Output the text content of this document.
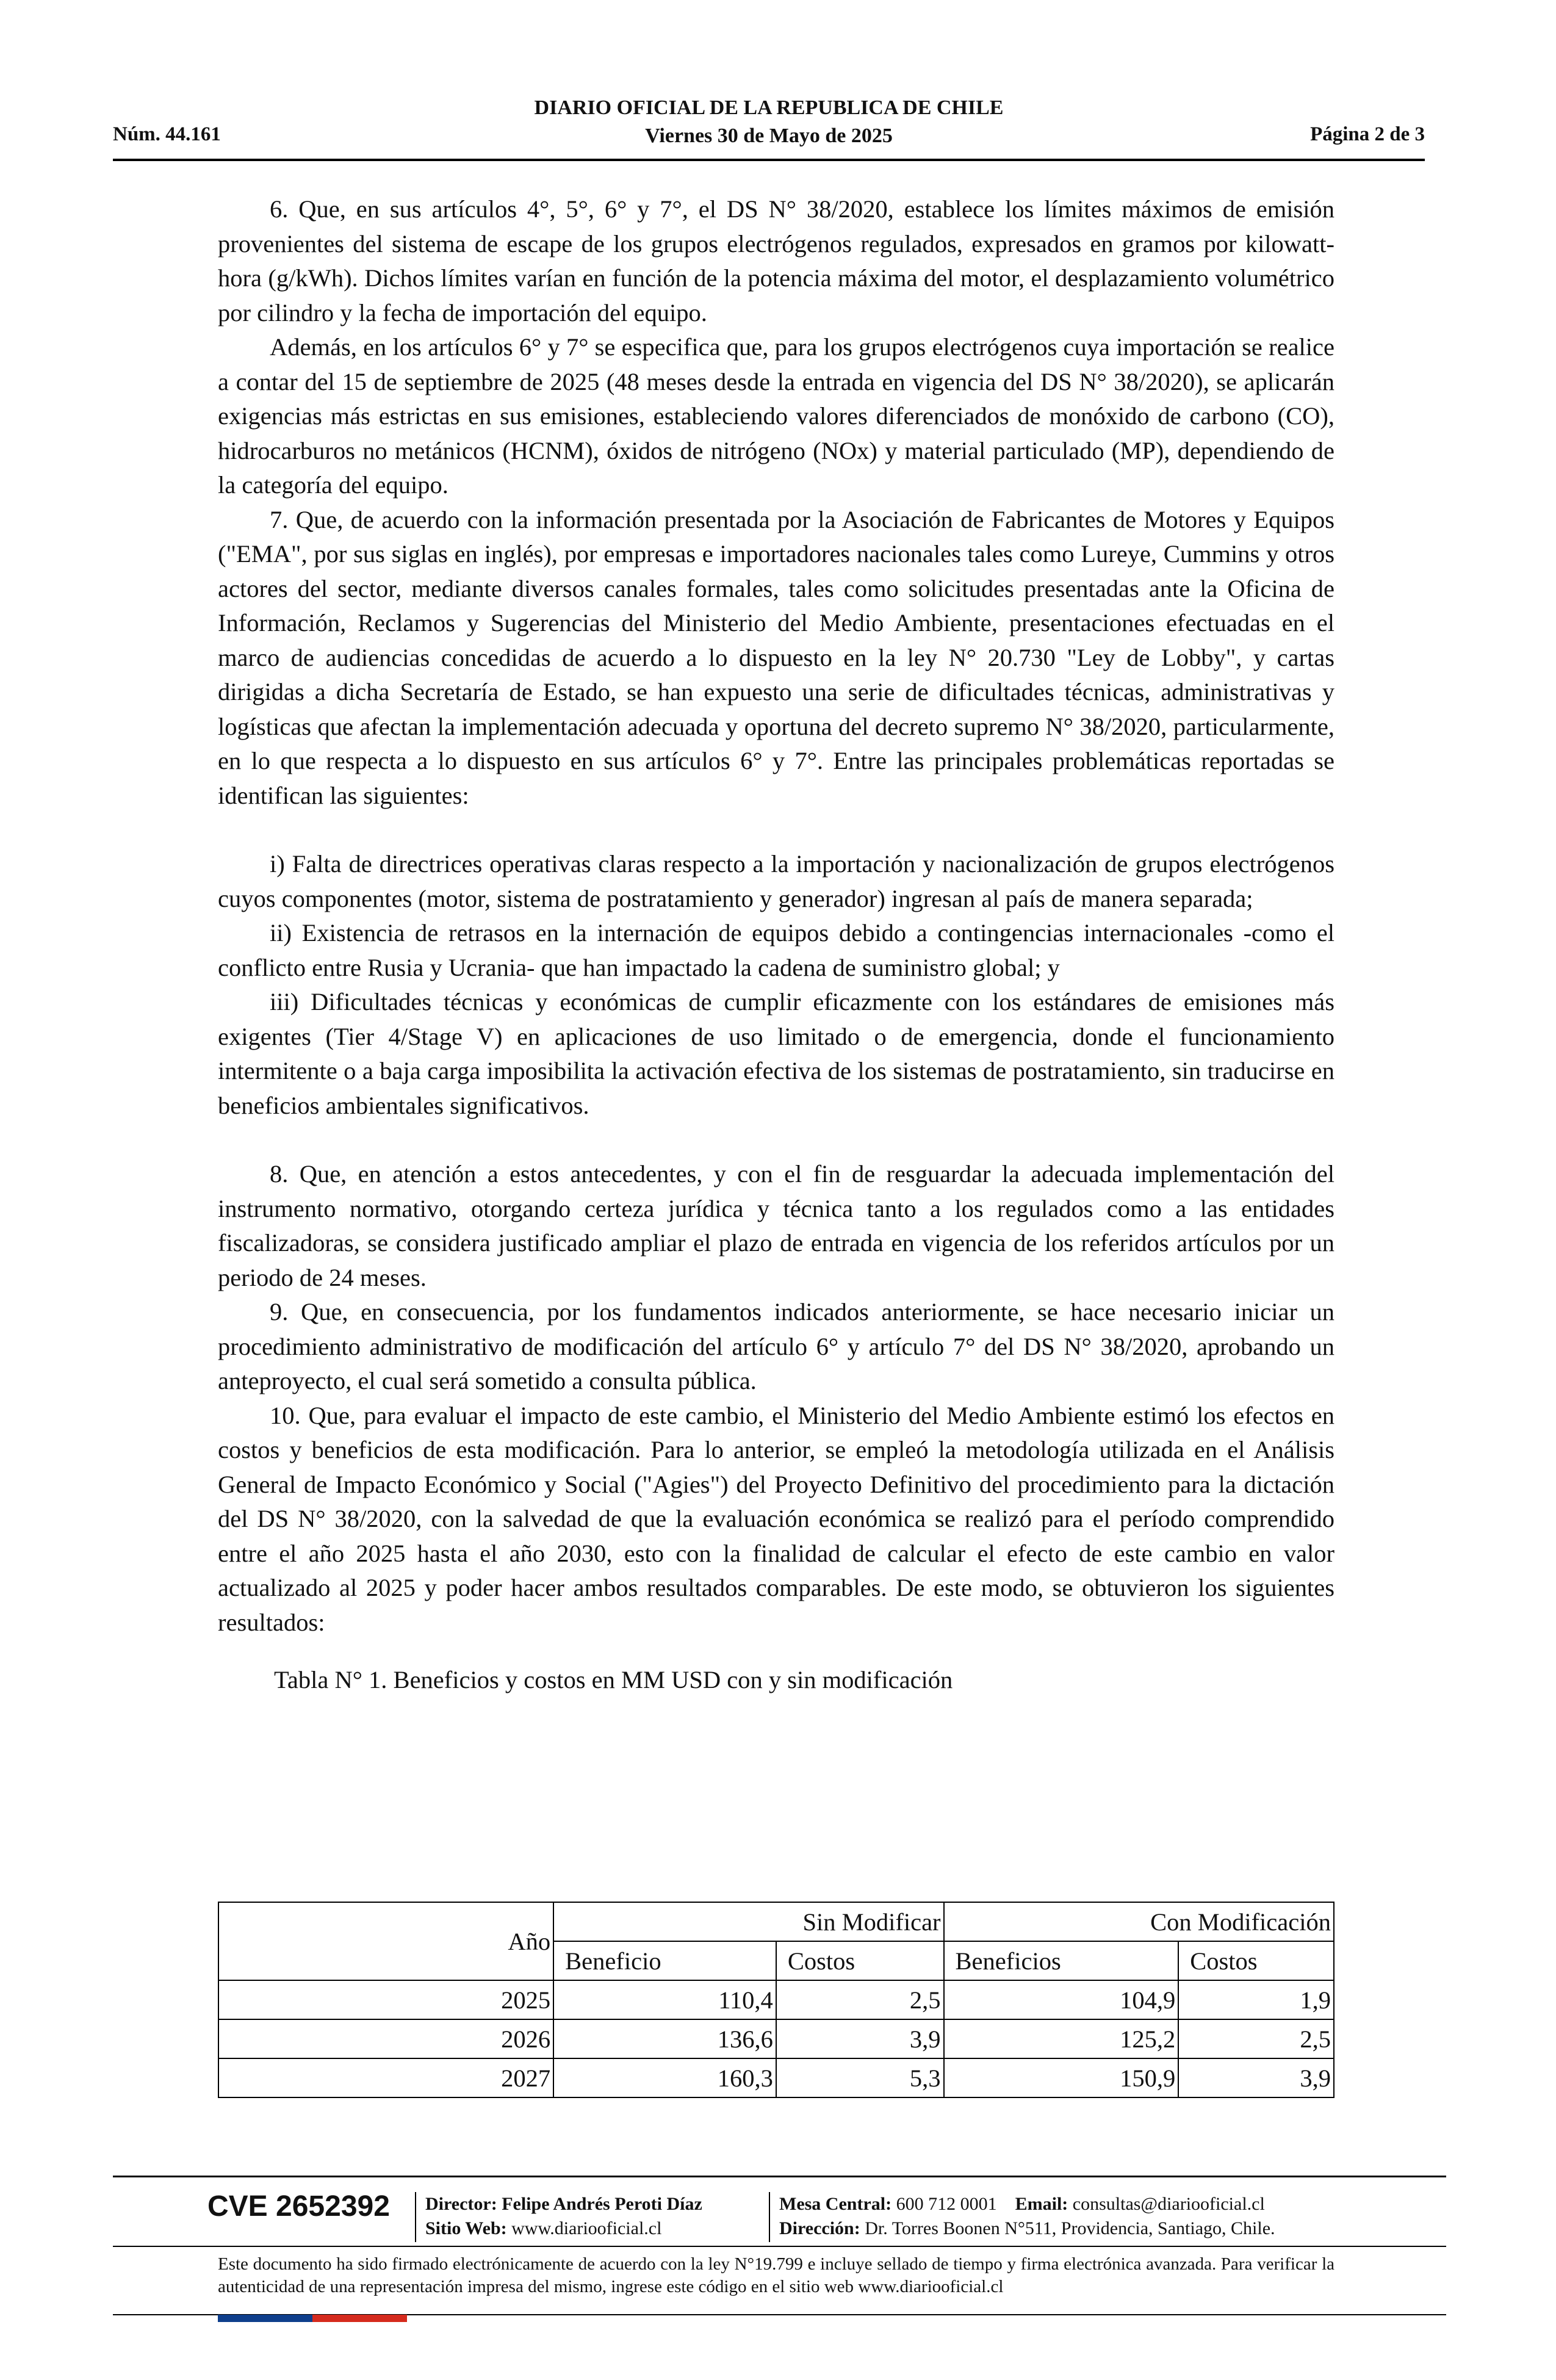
DIARIO OFICIAL DE LA REPUBLICA DE CHILE
Viernes 30 de Mayo de 2025
Núm. 44.161	Página 2 de 3

6. Que, en sus artículos 4°, 5°, 6° y 7°, el DS N° 38/2020, establece los límites máximos de emisión provenientes del sistema de escape de los grupos electrógenos regulados, expresados en gramos por kilowatt-hora (g/kWh). Dichos límites varían en función de la potencia máxima del motor, el desplazamiento volumétrico por cilindro y la fecha de importación del equipo.

Además, en los artículos 6° y 7° se especifica que, para los grupos electrógenos cuya importación se realice a contar del 15 de septiembre de 2025 (48 meses desde la entrada en vigencia del DS N° 38/2020), se aplicarán exigencias más estrictas en sus emisiones, estableciendo valores diferenciados de monóxido de carbono (CO), hidrocarburos no metánicos (HCNM), óxidos de nitrógeno (NOx) y material particulado (MP), dependiendo de la categoría del equipo.

7. Que, de acuerdo con la información presentada por la Asociación de Fabricantes de Motores y Equipos ("EMA", por sus siglas en inglés), por empresas e importadores nacionales tales como Lureye, Cummins y otros actores del sector, mediante diversos canales formales, tales como solicitudes presentadas ante la Oficina de Información, Reclamos y Sugerencias del Ministerio del Medio Ambiente, presentaciones efectuadas en el marco de audiencias concedidas de acuerdo a lo dispuesto en la ley N° 20.730 "Ley de Lobby", y cartas dirigidas a dicha Secretaría de Estado, se han expuesto una serie de dificultades técnicas, administrativas y logísticas que afectan la implementación adecuada y oportuna del decreto supremo N° 38/2020, particularmente, en lo que respecta a lo dispuesto en sus artículos 6° y 7°. Entre las principales problemáticas reportadas se identifican las siguientes:

i) Falta de directrices operativas claras respecto a la importación y nacionalización de grupos electrógenos cuyos componentes (motor, sistema de postratamiento y generador) ingresan al país de manera separada;

ii) Existencia de retrasos en la internación de equipos debido a contingencias internacionales -como el conflicto entre Rusia y Ucrania- que han impactado la cadena de suministro global; y

iii) Dificultades técnicas y económicas de cumplir eficazmente con los estándares de emisiones más exigentes (Tier 4/Stage V) en aplicaciones de uso limitado o de emergencia, donde el funcionamiento intermitente o a baja carga imposibilita la activación efectiva de los sistemas de postratamiento, sin traducirse en beneficios ambientales significativos.

8. Que, en atención a estos antecedentes, y con el fin de resguardar la adecuada implementación del instrumento normativo, otorgando certeza jurídica y técnica tanto a los regulados como a las entidades fiscalizadoras, se considera justificado ampliar el plazo de entrada en vigencia de los referidos artículos por un periodo de 24 meses.

9. Que, en consecuencia, por los fundamentos indicados anteriormente, se hace necesario iniciar un procedimiento administrativo de modificación del artículo 6° y artículo 7° del DS N° 38/2020, aprobando un anteproyecto, el cual será sometido a consulta pública.

10. Que, para evaluar el impacto de este cambio, el Ministerio del Medio Ambiente estimó los efectos en costos y beneficios de esta modificación. Para lo anterior, se empleó la metodología utilizada en el Análisis General de Impacto Económico y Social ("Agies") del Proyecto Definitivo del procedimiento para la dictación del DS N° 38/2020, con la salvedad de que la evaluación económica se realizó para el período comprendido entre el año 2025 hasta el año 2030, esto con la finalidad de calcular el efecto de este cambio en valor actualizado al 2025 y poder hacer ambos resultados comparables. De este modo, se obtuvieron los siguientes resultados:

Tabla N° 1. Beneficios y costos en MM USD con y sin modificación

Año	Sin Modificar		Con Modificación	
	Beneficio	Costos	Beneficios	Costos
2025	110,4	2,5	104,9	1,9
2026	136,6	3,9	125,2	2,5
2027	160,3	5,3	150,9	3,9
CVE 2652392 Director: Felipe Andrés Peroti Díaz
Sitio Web: www.diariooficial.cl
Mesa Central: 600 712 0001 Email: consultas@diariooficial.cl
Dirección: Dr. Torres Boonen N°511, Providencia, Santiago, Chile.
Este documento ha sido firmado electrónicamente de acuerdo con la ley N°19.799 e incluye sellado de tiempo y firma electrónica avanzada. Para verificar la autenticidad de una representación impresa del mismo, ingrese este código en el sitio web www.diariooficial.cl
